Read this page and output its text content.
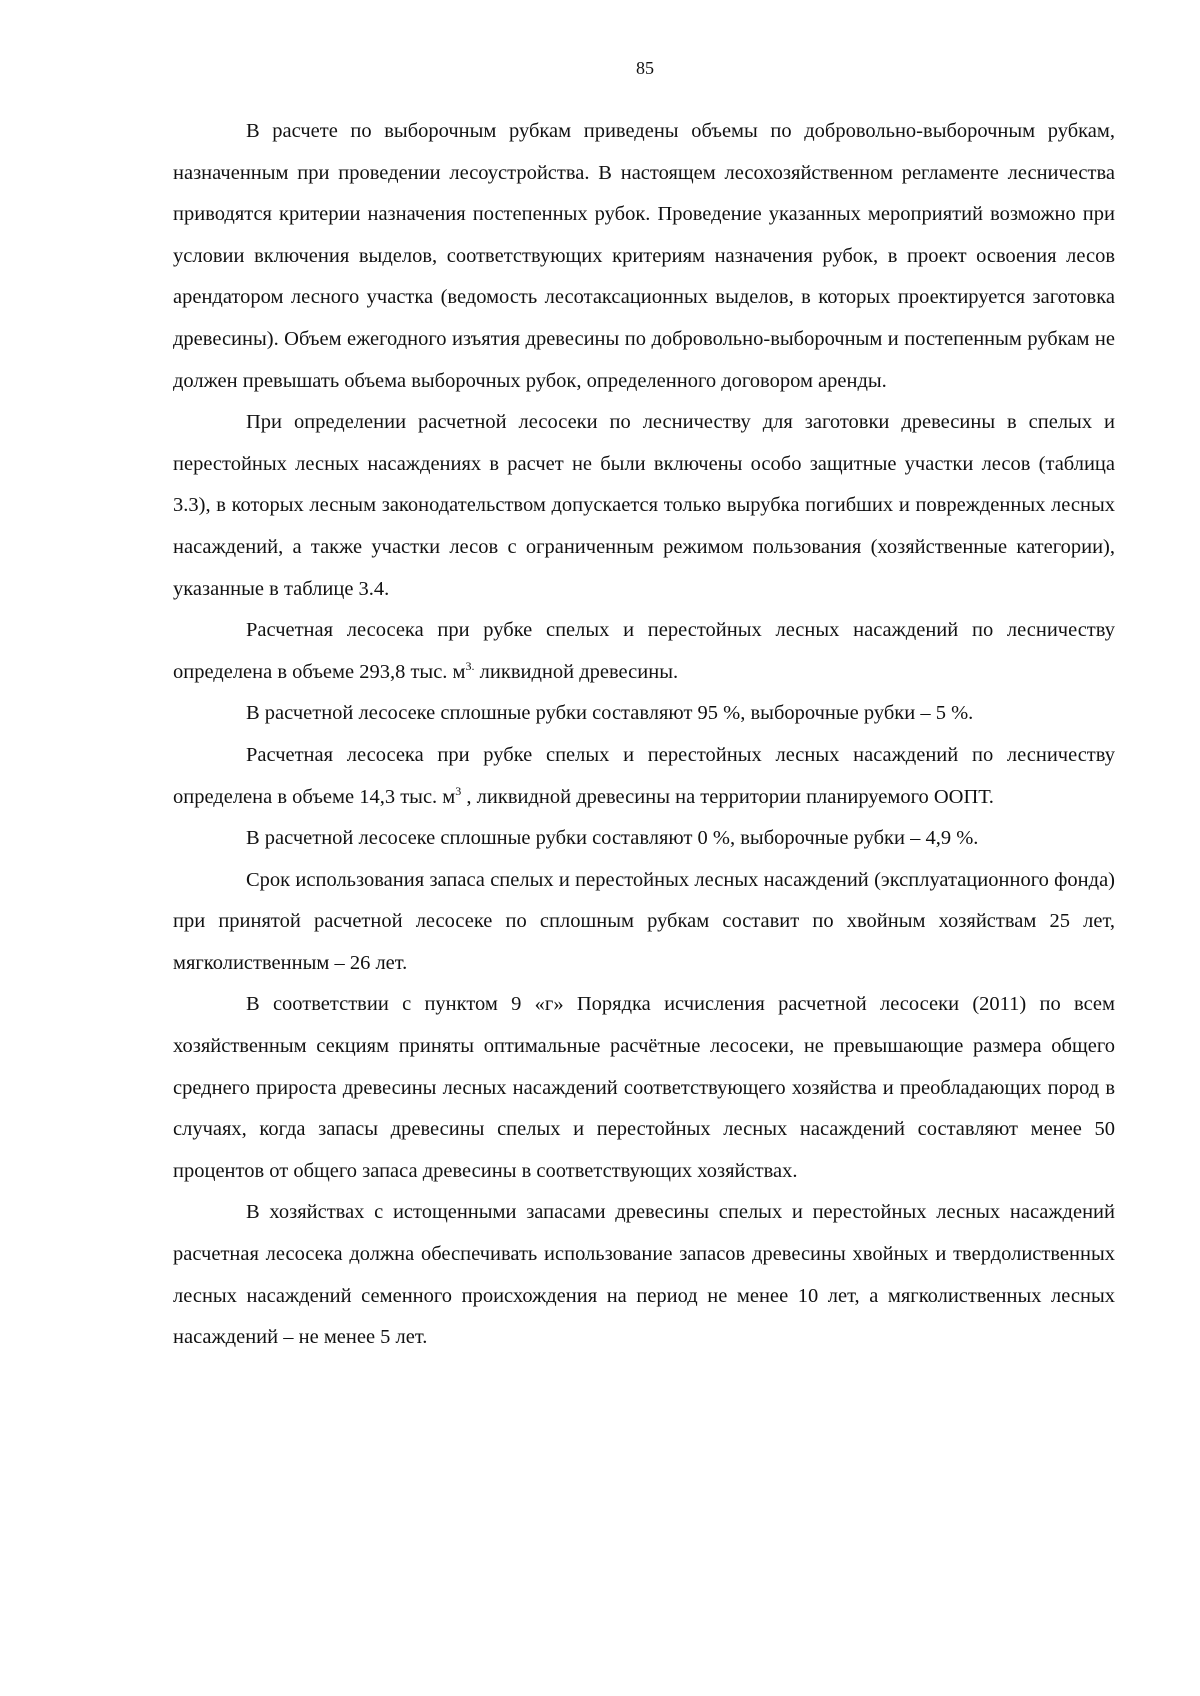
85

В расчете по выборочным рубкам приведены объемы по добровольно-выборочным рубкам, назначенным при проведении лесоустройства. В настоящем лесохозяйственном регламенте лесничества приводятся критерии назначения постепенных рубок. Проведение указанных мероприятий возможно при условии включения выделов, соответствующих критериям назначения рубок, в проект освоения лесов арендатором лесного участка (ведомость лесотаксационных выделов, в которых проектируется заготовка древесины). Объем ежегодного изъятия древесины по добровольно-выборочным и постепенным рубкам не должен превышать объема выборочных рубок, определенного договором аренды.

При определении расчетной лесосеки по лесничеству для заготовки древесины в спелых и перестойных лесных насаждениях в расчет не были включены особо защитные участки лесов (таблица 3.3), в которых лесным законодательством допускается только вырубка погибших и поврежденных лесных насаждений, а также участки лесов с ограниченным режимом пользования (хозяйственные категории), указанные в таблице 3.4.

Расчетная лесосека при рубке спелых и перестойных лесных насаждений по лесничеству определена в объеме 293,8 тыс. $м^{3.}$ ликвидной древесины.

В расчетной лесосеке сплошные рубки составляют 95 %, выборочные рубки – 5 %.

Расчетная лесосека при рубке спелых и перестойных лесных насаждений по лесничеству определена в объеме 14,3 тыс. $м^3$ , ликвидной древесины на территории планируемого ООПТ.

В расчетной лесосеке сплошные рубки составляют 0 %, выборочные рубки – 4,9 %.

Срок использования запаса спелых и перестойных лесных насаждений (эксплуатационного фонда) при принятой расчетной лесосеке по сплошным рубкам составит по хвойным хозяйствам 25 лет, мягколиственным – 26 лет.

В соответствии с пунктом 9 «г» Порядка исчисления расчетной лесосеки (2011) по всем хозяйственным секциям приняты оптимальные расчётные лесосеки, не превышающие размера общего среднего прироста древесины лесных насаждений соответствующего хозяйства и преобладающих пород в случаях, когда запасы древесины спелых и перестойных лесных насаждений составляют менее 50 процентов от общего запаса древесины в соответствующих хозяйствах.

В хозяйствах с истощенными запасами древесины спелых и перестойных лесных насаждений расчетная лесосека должна обеспечивать использование запасов древесины хвойных и твердолиственных лесных насаждений семенного происхождения на период не менее 10 лет, а мягколиственных лесных насаждений – не менее 5 лет.
